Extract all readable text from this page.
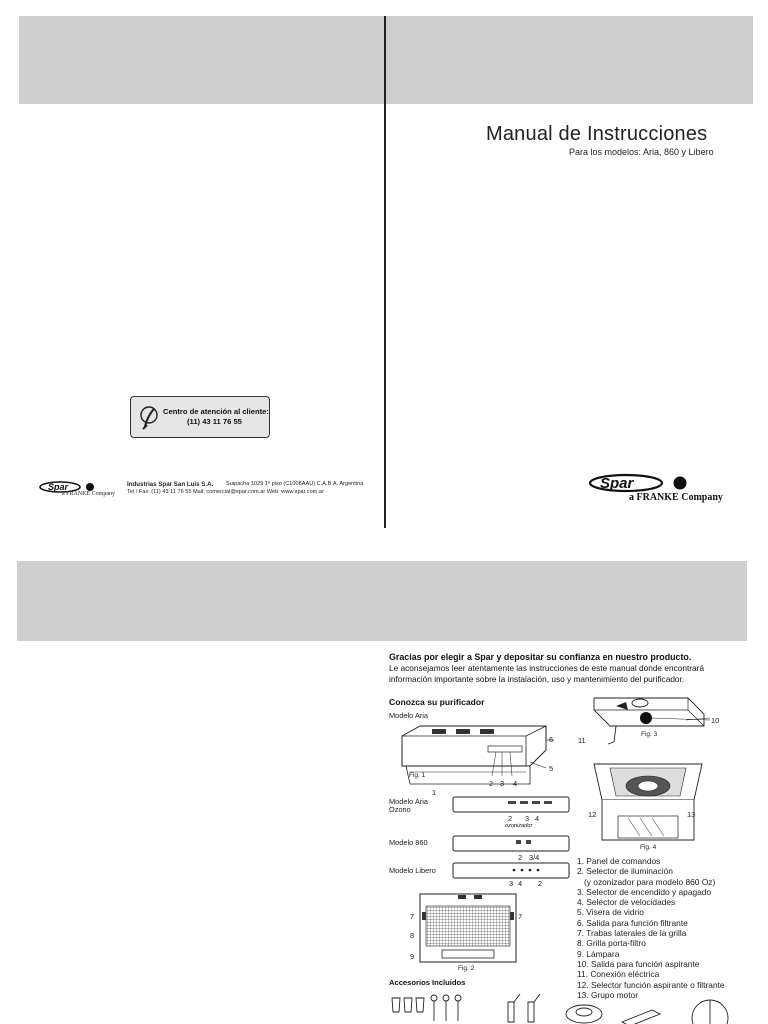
Manual de Instrucciones
Para los modelos: Aria, 860 y Libero
Centro de atención al cliente:
(11) 43 11 76 55
Spar
a FRANKE Company
Industrias Spar San Luis S.A. Suipacha 1029 1º piso (C1008AAU) C.A.B.A. Argentina
Tel / Fax: (11) 43 11 76 55 Mail: comercial@spar.com.ar Web: www.spar.com.ar	Spar
a FRANKE Company
Gracias por elegir a Spar y depositar su confianza en nuestro producto.
Le aconsejamos leer atentamente las instrucciones de este manual donde encontrará
información importante sobre la instalación, uso y mantenimiento del purificador.
Conozca su purificador
Modelo Aria
6
5
Fig. 1
1
2 3 4
Modelo Aria
Ozono
2 3 4
ozonizador
Modelo 860
2 3/4
Modelo Libero
3 4 2
7	7
8
9
Fig. 2
Accesorios Incluidos
10
11
Fig. 3
12	13
Fig. 4
1. Panel de comandos
2. Selector de iluminación
(y ozonizador para modelo 860 Oz)
3. Selector de encendido y apagado
4. Selector de velocidades
5. Visera de vidrio
6. Salida para función filtrante
7. Trabas laterales de la grilla
8. Grilla porta-filtro
9. Lámpara
10. Salida para función aspirante
11. Conexión eléctrica
12. Selector función aspirante o filtrante
13. Grupo motor
